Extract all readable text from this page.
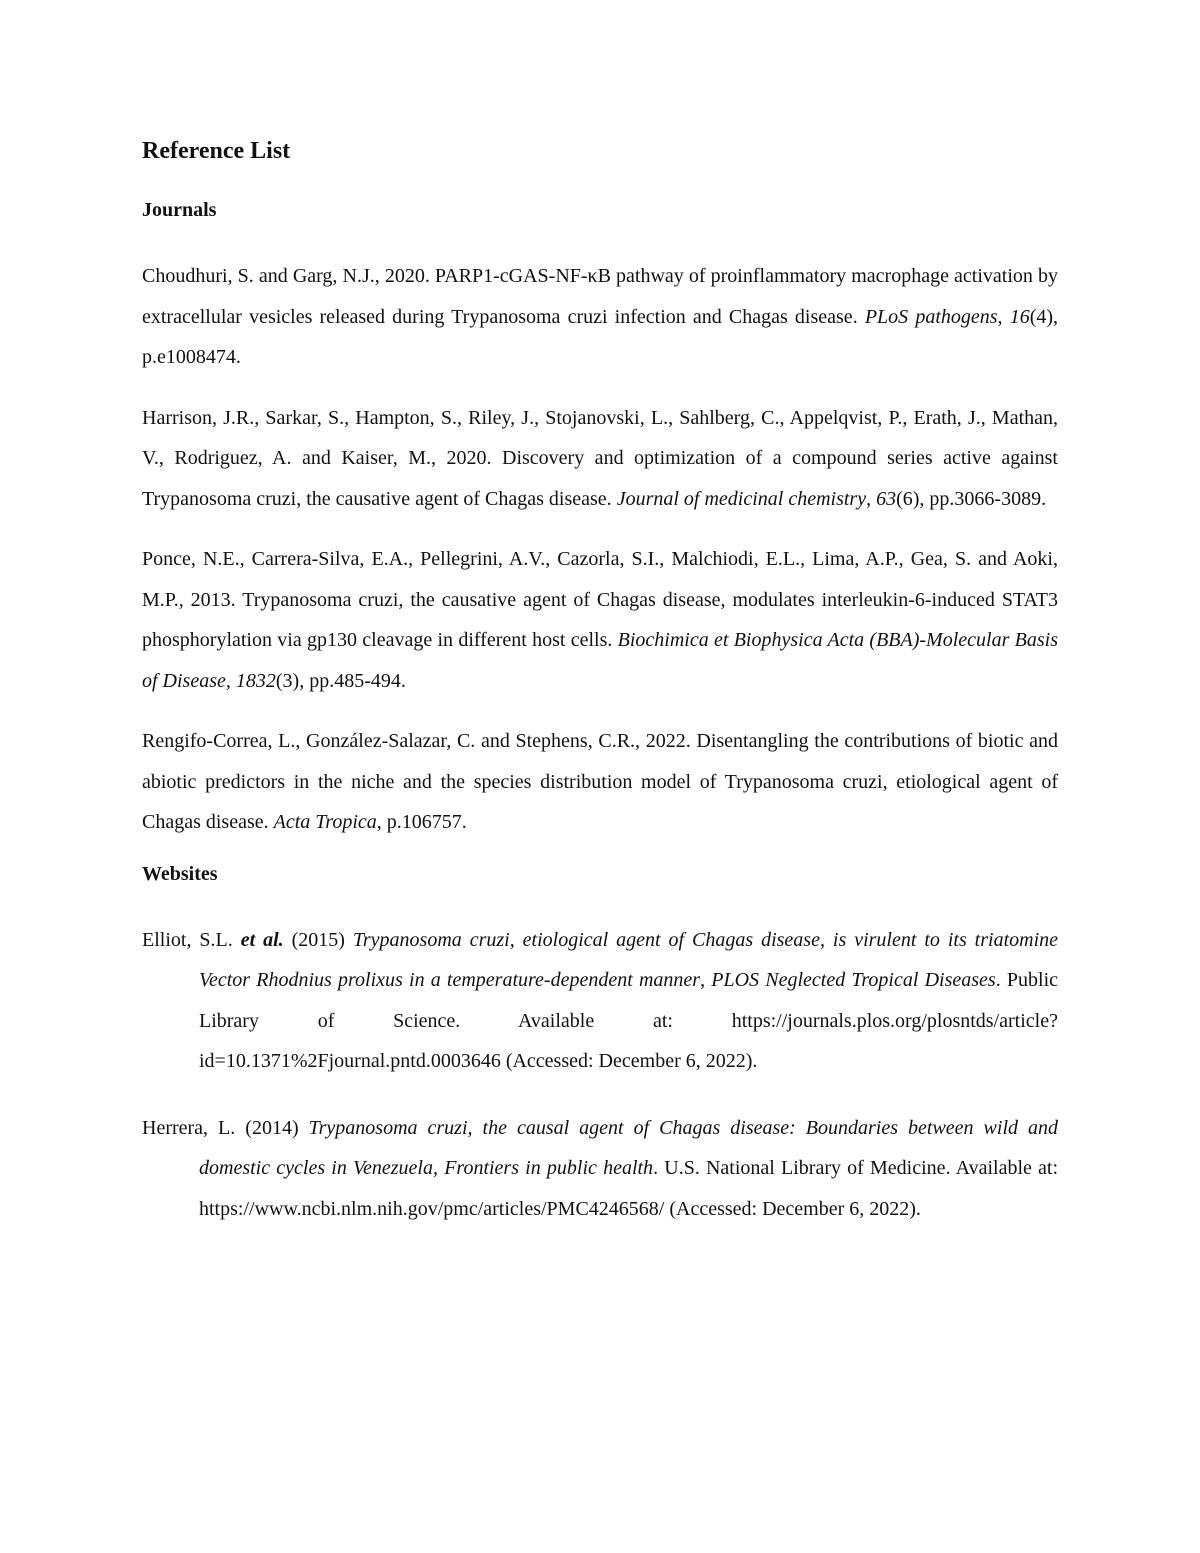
Reference List
Journals

Choudhuri, S. and Garg, N.J., 2020. PARP1-cGAS-NF-κB pathway of proinflammatory macrophage activation by extracellular vesicles released during Trypanosoma cruzi infection and Chagas disease. PLoS pathogens, 16(4), p.e1008474.

Harrison, J.R., Sarkar, S., Hampton, S., Riley, J., Stojanovski, L., Sahlberg, C., Appelqvist, P., Erath, J., Mathan, V., Rodriguez, A. and Kaiser, M., 2020. Discovery and optimization of a compound series active against Trypanosoma cruzi, the causative agent of Chagas disease. Journal of medicinal chemistry, 63(6), pp.3066-3089.

Ponce, N.E., Carrera-Silva, E.A., Pellegrini, A.V., Cazorla, S.I., Malchiodi, E.L., Lima, A.P., Gea, S. and Aoki, M.P., 2013. Trypanosoma cruzi, the causative agent of Chagas disease, modulates interleukin-6-induced STAT3 phosphorylation via gp130 cleavage in different host cells. Biochimica et Biophysica Acta (BBA)-Molecular Basis of Disease, 1832(3), pp.485-494.

Rengifo-Correa, L., González-Salazar, C. and Stephens, C.R., 2022. Disentangling the contributions of biotic and abiotic predictors in the niche and the species distribution model of Trypanosoma cruzi, etiological agent of Chagas disease. Acta Tropica, p.106757.

Websites

Elliot, S.L. et al. (2015) Trypanosoma cruzi, etiological agent of Chagas disease, is virulent to its triatomine Vector Rhodnius prolixus in a temperature-dependent manner, PLOS Neglected Tropical Diseases. Public Library of Science.	Available at: https://journals.plos.org/plosntds/article?id=10.1371%2Fjournal.pntd.0003646 (Accessed: December 6, 2022).

Herrera, L. (2014) Trypanosoma cruzi, the causal agent of Chagas disease: Boundaries between wild and domestic cycles in Venezuela, Frontiers in public health. U.S. National Library of Medicine. Available at: https://www.ncbi.nlm.nih.gov/pmc/articles/PMC4246568/ (Accessed: December 6, 2022).
